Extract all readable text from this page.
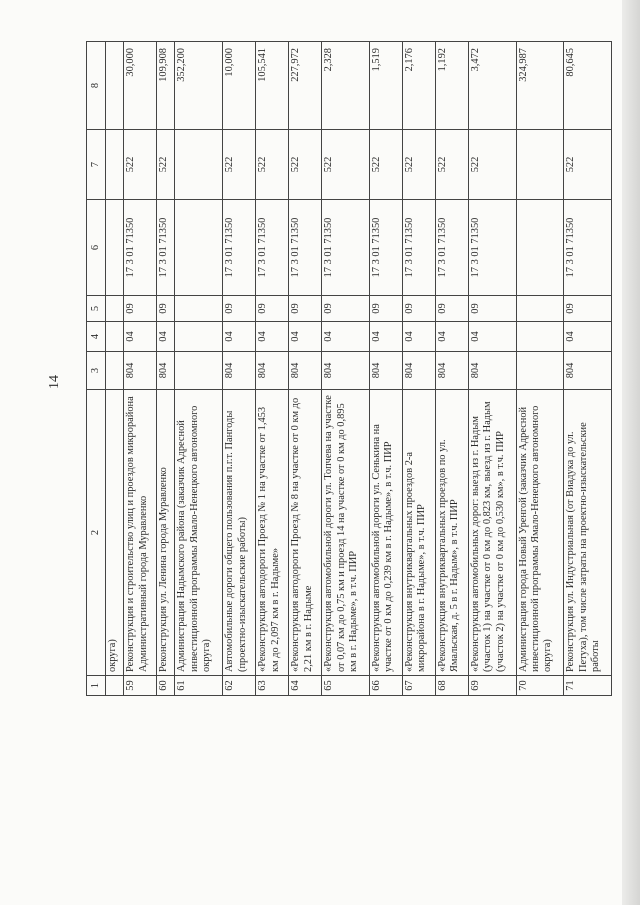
14
1	2	3	4	5	6	7	8
	округа)						
59	Реконструкция и строительство улиц и проездов микрорайона Административный города Муравленко	804	04	09	17 3 01 71350	522	30,000
60	Реконструкция ул. Ленина города Муравленко	804	04	09	17 3 01 71350	522	109,908
61	Администрация Надымского района (заказчик Адресной инвестиционной программы Ямало-Ненецкого автономного округа)						352,200
62	Автомобильные дороги общего пользования п.г.т. Пангоды (проектно-изыскательские работы)	804	04	09	17 3 01 71350	522	10,000
63	«Реконструкция автодороги Проезд № 1 на участке от 1,453 км до 2,097 км в г. Надыме»	804	04	09	17 3 01 71350	522	105,541
64	«Реконструкция автодороги Проезд № 8 на участке от 0 км до 2,21 км в г. Надыме	804	04	09	17 3 01 71350	522	227,972
65	«Реконструкция автомобильной дороги ул. Топчева на участке от 0,07 км до 0,75 км и проезд 14 на участке от 0 км до 0,895 км в г. Надыме», в т.ч. ПИР	804	04	09	17 3 01 71350	522	2,328
66	«Реконструкция автомобильной дороги ул. Сенькина на участке от 0 км до 0,239 км в г. Надыме», в т.ч. ПИР	804	04	09	17 3 01 71350	522	1,519
67	«Реконструкция внутриквартальных проездов 2-а микрорайона в г. Надыме», в т.ч. ПИР	804	04	09	17 3 01 71350	522	2,176
68	«Реконструкция внутриквартальных проездов по ул. Ямальская, д. 5 в г. Надым», в т.ч. ПИР	804	04	09	17 3 01 71350	522	1,192
69	«Реконструкция автомобильных дорог: выезд из г. Надым (участок 1) на участке от 0 км до 0,823 км, выезд из г. Надым (участок 2) на участке от 0 км до 0,530 км», в т.ч. ПИР	804	04	09	17 3 01 71350	522	3,472
70	Администрация города Новый Уренгой (заказчик Адресной инвестиционной программы Ямало-Ненецкого автономного округа)						324,987
71	Реконструкция ул. Индустриальная (от Виадука до ул. Петуха), том числе затраты на проектно-изыскательские работы	804	04	09	17 3 01 71350	522	80,645
